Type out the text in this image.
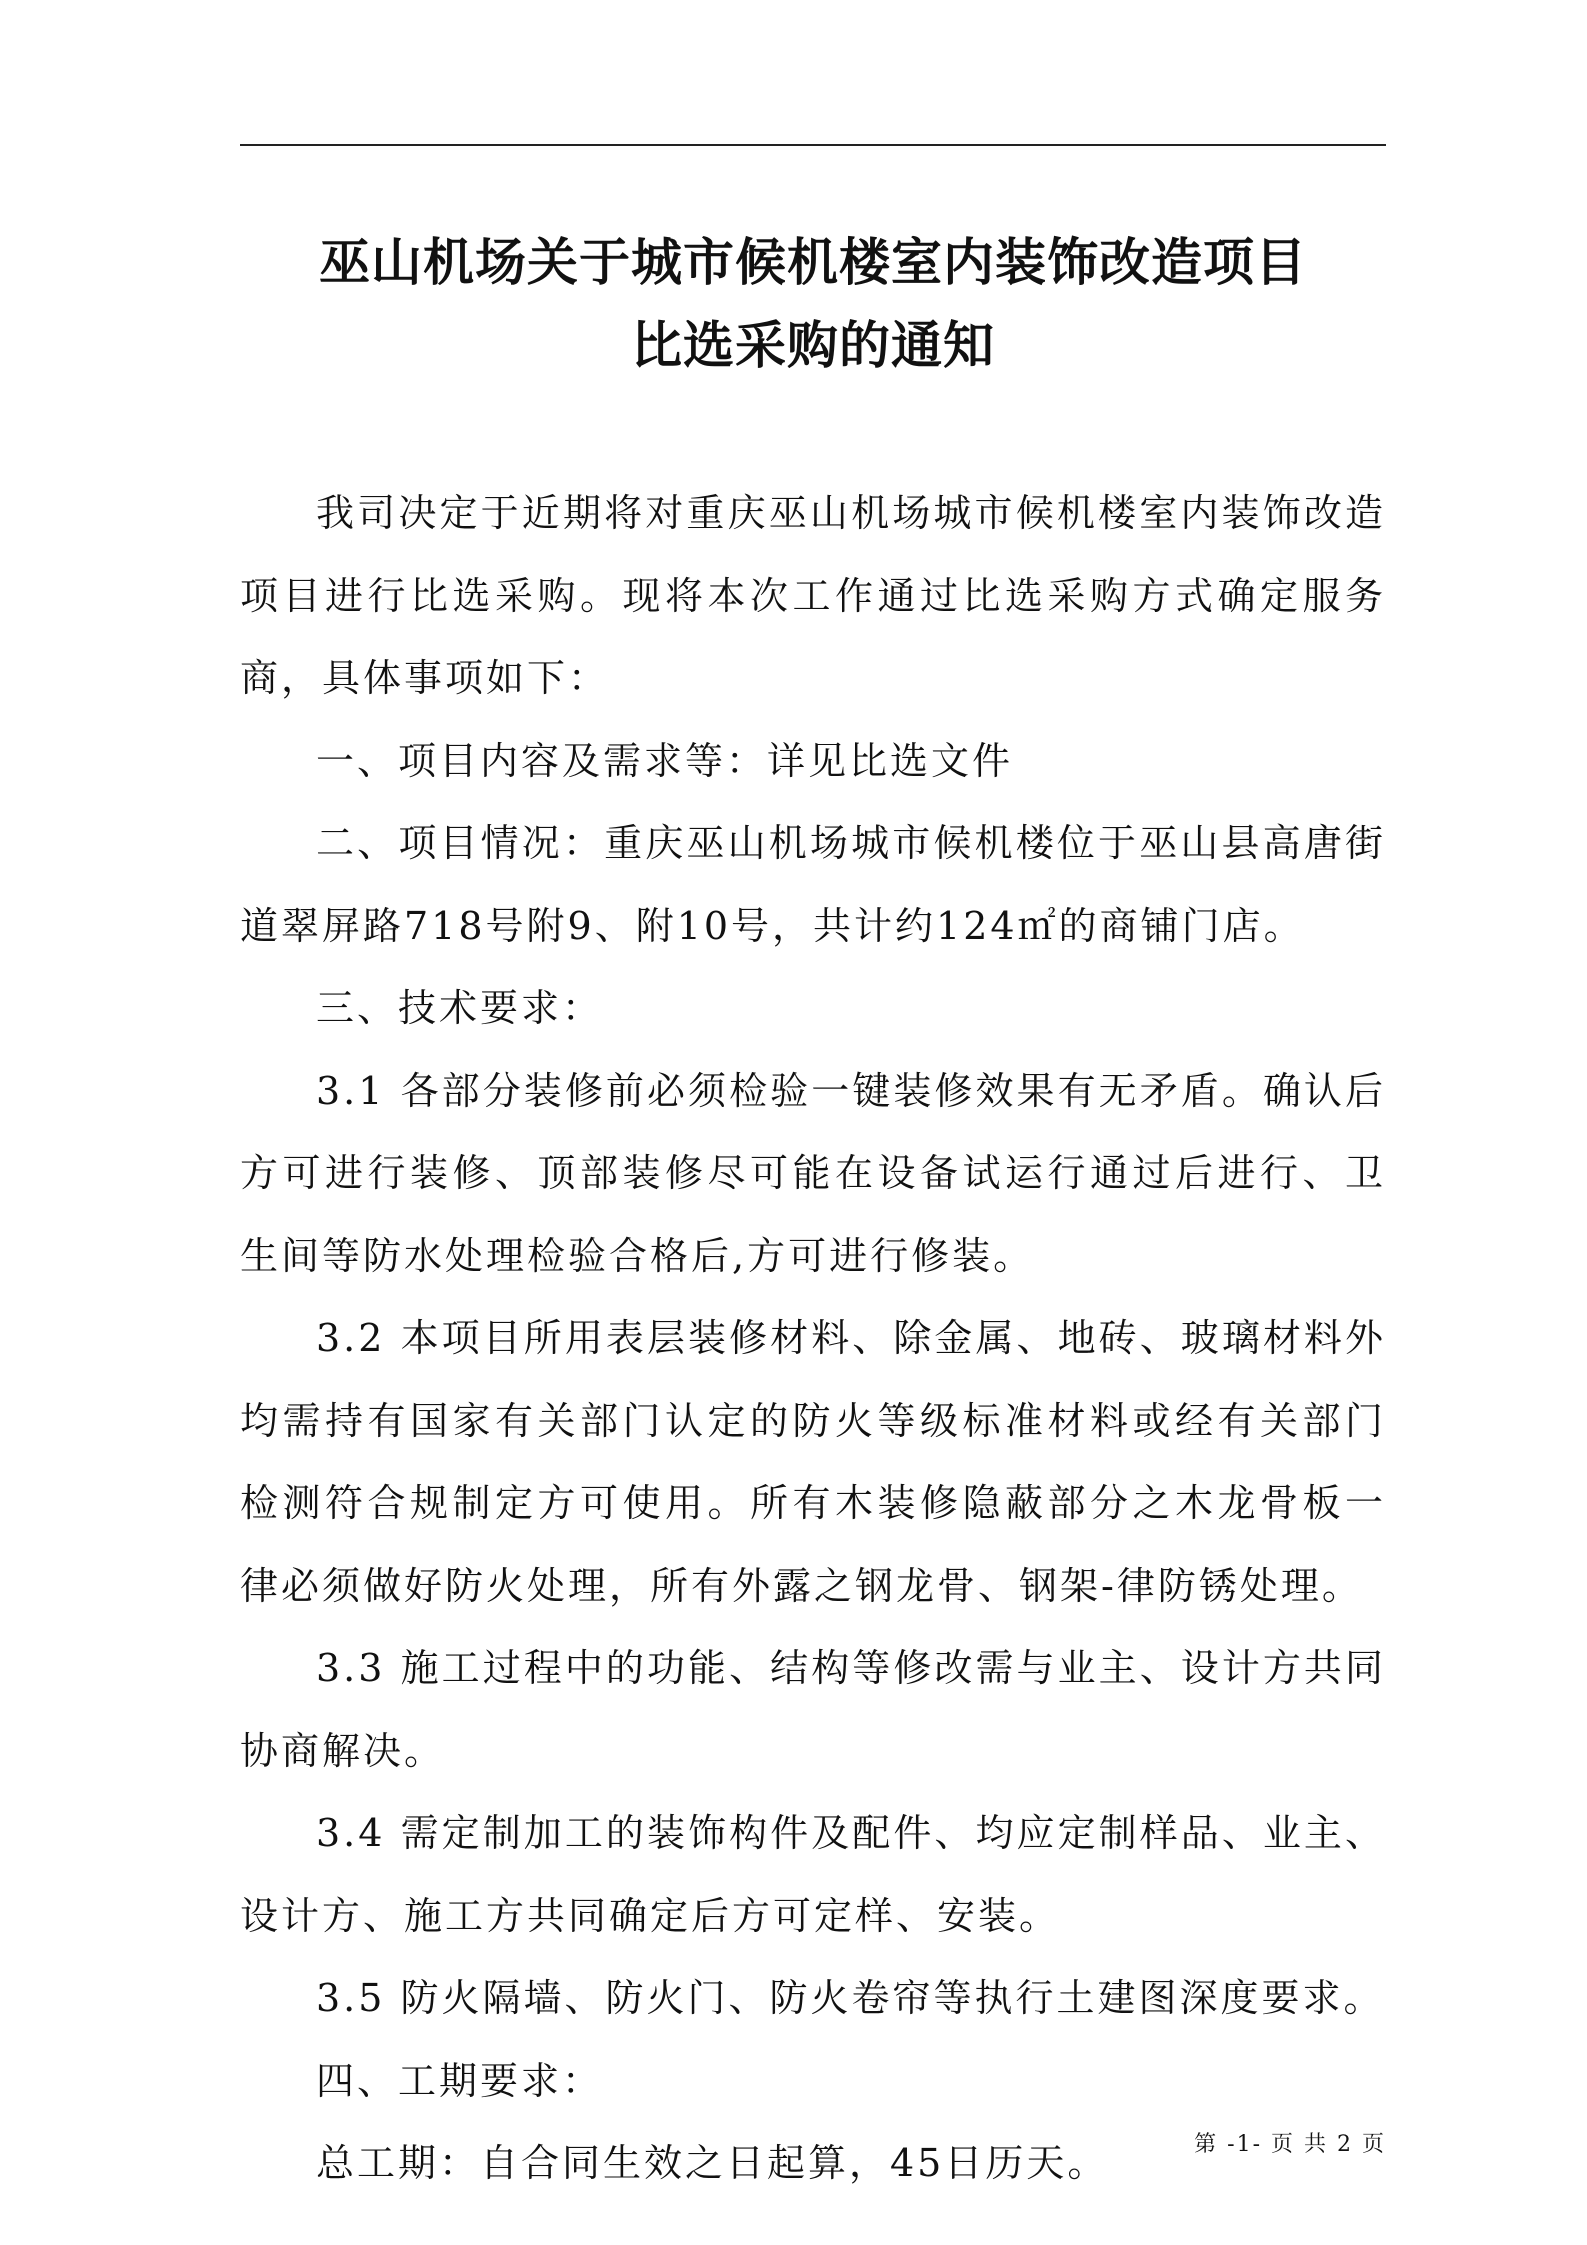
巫山机场关于城市候机楼室内装饰改造项目
比选采购的通知

我司决定于近期将对重庆巫山机场城市候机楼室内装饰改造项目进行比选采购。现将本次工作通过比选采购方式确定服务商，具体事项如下：

一、项目内容及需求等：详见比选文件

二、项目情况：重庆巫山机场城市候机楼位于巫山县高唐街道翠屏路718号附9、附10号，共计约124㎡的商铺门店。

三、技术要求：

3.1 各部分装修前必须检验一键装修效果有无矛盾。确认后方可进行装修、顶部装修尽可能在设备试运行通过后进行、卫生间等防水处理检验合格后,方可进行修装。

3.2 本项目所用表层装修材料、除金属、地砖、玻璃材料外均需持有国家有关部门认定的防火等级标准材料或经有关部门检测符合规制定方可使用。所有木装修隐蔽部分之木龙骨板一律必须做好防火处理，所有外露之钢龙骨、钢架-律防锈处理。

3.3 施工过程中的功能、结构等修改需与业主、设计方共同协商解决。

3.4 需定制加工的装饰构件及配件、均应定制样品、业主、设计方、施工方共同确定后方可定样、安装。

3.5 防火隔墙、防火门、防火卷帘等执行土建图深度要求。

四、工期要求：

总工期：自合同生效之日起算，45日历天。	第 -1- 页 共 2 页
